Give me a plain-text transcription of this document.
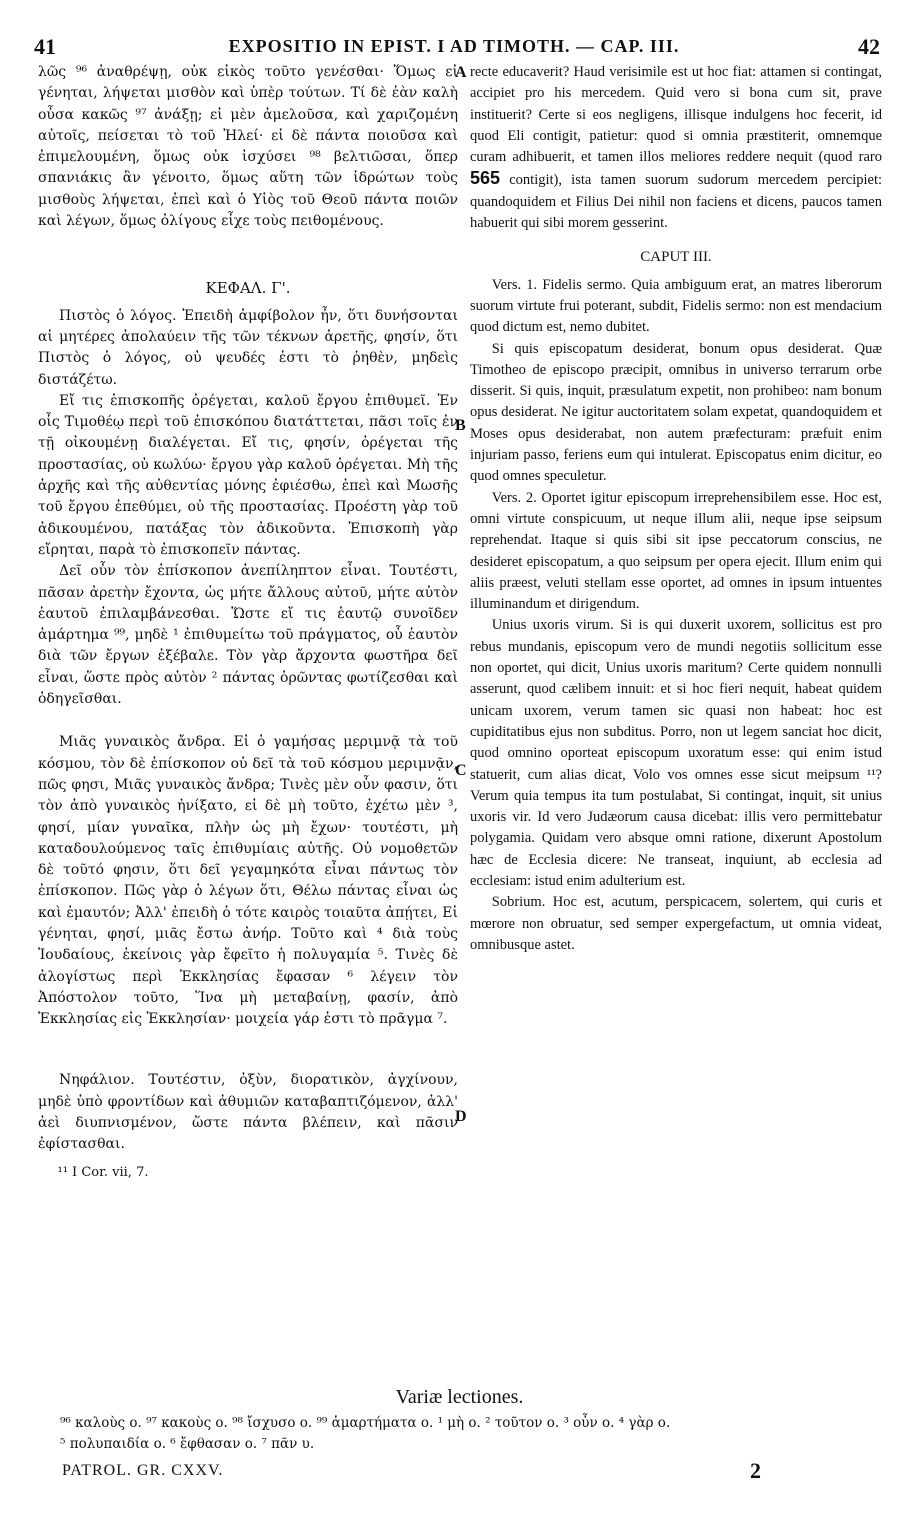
41	EXPOSITIO IN EPIST. I AD TIMOTH. — CAP. III.	42
A
B
C
D

λῶς ⁹⁶ ἀναθρέψῃ, οὐκ εἰκὸς τοῦτο γενέσθαι· Ὅμως εἰ γένηται, λήψεται μισθὸν καὶ ὑπὲρ τούτων. Τί δὲ ἐὰν καλὴ οὖσα κακῶς ⁹⁷ ἀνάξῃ; εἰ μὲν ἀμελοῦσα, καὶ χαριζομένη αὐτοῖς, πείσεται τὸ τοῦ Ἠλεί· εἰ δὲ πάντα ποιοῦσα καὶ ἐπιμελουμένη, ὅμως οὐκ ἰσχύσει ⁹⁸ βελτιῶσαι, ὅπερ σπανιάκις ἂν γένοιτο, ὅμως αὕτη τῶν ἱδρώτων τοὺς μισθοὺς λήψεται, ἐπεὶ καὶ ὁ Υἱὸς τοῦ Θεοῦ πάντα ποιῶν καὶ λέγων, ὅμως ὀλίγους εἶχε τοὺς πειθομένους.

ΚΕΦΑΛ. Γ'.

Πιστὸς ὁ λόγος. Ἐπειδὴ ἀμφίβολον ἦν, ὅτι δυνήσονται αἱ μητέρες ἀπολαύειν τῆς τῶν τέκνων ἀρετῆς, φησίν, ὅτι Πιστὸς ὁ λόγος, οὐ ψευδές ἐστι τὸ ῥηθὲν, μηδεὶς διστάζέτω.

Εἴ τις ἐπισκοπῆς ὀρέγεται, καλοῦ ἔργου ἐπιθυμεῖ. Ἐν οἷς Τιμοθέῳ περὶ τοῦ ἐπισκόπου διατάττεται, πᾶσι τοῖς ἐν τῇ οἰκουμένῃ διαλέγεται. Εἴ τις, φησίν, ὀρέγεται τῆς προστασίας, οὐ κωλύω· ἔργου γὰρ καλοῦ ὀρέγεται. Μὴ τῆς ἀρχῆς καὶ τῆς αὐθεντίας μόνης ἐφιέσθω, ἐπεὶ καὶ Μωσῆς τοῦ ἔργου ἐπεθύμει, οὐ τῆς προστασίας. Προέστη γὰρ τοῦ ἀδικουμένου, πατάξας τὸν ἀδικοῦντα. Ἐπισκοπὴ γὰρ εἴρηται, παρὰ τὸ ἐπισκοπεῖν πάντας.

Δεῖ οὖν τὸν ἐπίσκοπον ἀνεπίληπτον εἶναι. Τουτέστι, πᾶσαν ἀρετὴν ἔχοντα, ὡς μήτε ἄλλους αὐτοῦ, μήτε αὐτὸν ἑαυτοῦ ἐπιλαμβάνεσθαι. Ὥστε εἴ τις ἑαυτῷ συνοῖδεν ἁμάρτημα ⁹⁹, μηδὲ ¹ ἐπιθυμείτω τοῦ πράγματος, οὗ ἑαυτὸν διὰ τῶν ἔργων ἐξέβαλε. Τὸν γὰρ ἄρχοντα φωστῆρα δεῖ εἶναι, ὥστε πρὸς αὐτὸν ² πάντας ὁρῶντας φωτίζεσθαι καὶ ὁδηγεῖσθαι.

Μιᾶς γυναικὸς ἄνδρα. Εἰ ὁ γαμήσας μεριμνᾷ τὰ τοῦ κόσμου, τὸν δὲ ἐπίσκοπον οὐ δεῖ τὰ τοῦ κόσμου μεριμνᾷν, πῶς φησι, Μιᾶς γυναικὸς ἄνδρα; Τινὲς μὲν οὖν φασιν, ὅτι τὸν ἀπὸ γυναικὸς ἠνίξατο, εἰ δὲ μὴ τοῦτο, ἐχέτω μὲν ³, φησί, μίαν γυναῖκα, πλὴν ὡς μὴ ἔχων· τουτέστι, μὴ καταδουλούμενος ταῖς ἐπιθυμίαις αὐτῆς. Οὐ νομοθετῶν δὲ τοῦτό φησιν, ὅτι δεῖ γεγαμηκότα εἶναι πάντως τὸν ἐπίσκοπον. Πῶς γὰρ ὁ λέγων ὅτι, Θέλω πάντας εἶναι ὡς καὶ ἐμαυτόν; Ἀλλ' ἐπειδὴ ὁ τότε καιρὸς τοιαῦτα ἀπῄτει, Εἰ γένηται, φησί, μιᾶς ἔστω ἀνήρ. Τοῦτο καὶ ⁴ διὰ τοὺς Ἰουδαίους, ἐκείνοις γὰρ ἔφεῖτο ἡ πολυγαμία ⁵. Τινὲς δὲ ἀλογίστως περὶ Ἐκκλησίας ἔφασαν ⁶ λέγειν τὸν Ἀπόστολον τοῦτο, Ἵνα μὴ μεταβαίνῃ, φασίν, ἀπὸ Ἐκκλησίας εἰς Ἐκκλησίαν· μοιχεία γάρ ἐστι τὸ πρᾶγμα ⁷.

Νηφάλιον. Τουτέστιν, ὀξὺν, διορατικὸν, ἀγχίνουν, μηδὲ ὑπὸ φροντίδων καὶ ἀθυμιῶν καταβαπτιζόμενον, ἀλλ' ἀεὶ διυπνισμένον, ὥστε πάντα βλέπειν, καὶ πᾶσιν ἐφίστασθαι.

¹¹ I Cor. vii, 7.

recte educaverit? Haud verisimile est ut hoc fiat: attamen si contingat, accipiet pro his mercedem. Quid vero si bona cum sit, prave instituerit? Certe si eos negligens, illisque indulgens hoc fecerit, id quod Eli contigit, patietur: quod si omnia præstiterit, omnemque curam adhibuerit, et tamen illos meliores reddere nequit (quod raro 565 contigit), ista tamen suorum sudorum mercedem percipiet: quandoquidem et Filius Dei nihil non faciens et dicens, paucos tamen habuerit qui sibi morem gesserint.

CAPUT III.

Vers. 1. Fidelis sermo. Quia ambiguum erat, an matres liberorum suorum virtute frui poterant, subdit, Fidelis sermo: non est mendacium quod dictum est, nemo dubitet.

Si quis episcopatum desiderat, bonum opus desiderat. Quæ Timotheo de episcopo præcipit, omnibus in universo terrarum orbe disserit. Si quis, inquit, præsulatum expetit, non prohibeo: nam bonum opus desiderat. Ne igitur auctoritatem solam expetat, quandoquidem et Moses opus desiderabat, non autem præfecturam: præfuit enim injuriam passo, feriens eum qui intulerat. Episcopatus enim dicitur, eo quod omnes speculetur.

Vers. 2. Oportet igitur episcopum irreprehensibilem esse. Hoc est, omni virtute conspicuum, ut neque illum alii, neque ipse seipsum reprehendat. Itaque si quis sibi sit ipse peccatorum conscius, ne desideret episcopatum, a quo seipsum per opera ejecit. Illum enim qui aliis præest, veluti stellam esse oportet, ad omnes in ipsum intuentes illuminandum et dirigendum.

Unius uxoris virum. Si is qui duxerit uxorem, sollicitus est pro rebus mundanis, episcopum vero de mundi negotiis sollicitum esse non oportet, qui dicit, Unius uxoris maritum? Certe quidem nonnulli asserunt, quod cælibem innuit: et si hoc fieri nequit, habeat quidem unicam uxorem, verum tamen sic quasi non habeat: hoc est cupiditatibus ejus non subditus. Porro, non ut legem sanciat hoc dicit, quod omnino oporteat episcopum uxoratum esse: qui enim istud statuerit, cum alias dicat, Volo vos omnes esse sicut meipsum ¹¹? Verum quia tempus ita tum postulabat, Si contingat, inquit, sit unius uxoris vir. Id vero Judæorum causa dicebat: illis vero permittebatur polygamia. Quidam vero absque omni ratione, dixerunt Apostolum hæc de Ecclesia dicere: Ne transeat, inquiunt, ab ecclesia ad ecclesiam: istud enim adulterium est.

Sobrium. Hoc est, acutum, perspicacem, solertem, qui curis et mœrore non obruatur, sed semper expergefactum, ut omnia videat, omnibusque astet.

Variæ lectiones.
⁹⁶ καλοὺς ο. ⁹⁷ κακοὺς ο. ⁹⁸ ἴσχυσο ο. ⁹⁹ ἁμαρτήματα ο. ¹ μὴ ο. ² τοῦτον ο. ³ οὖν ο. ⁴ γὰρ ο.
⁵ πολυπαιδία ο. ⁶ ἔφθασαν ο. ⁷ πᾶν υ.
PATROL. GR. CXXV.	2
